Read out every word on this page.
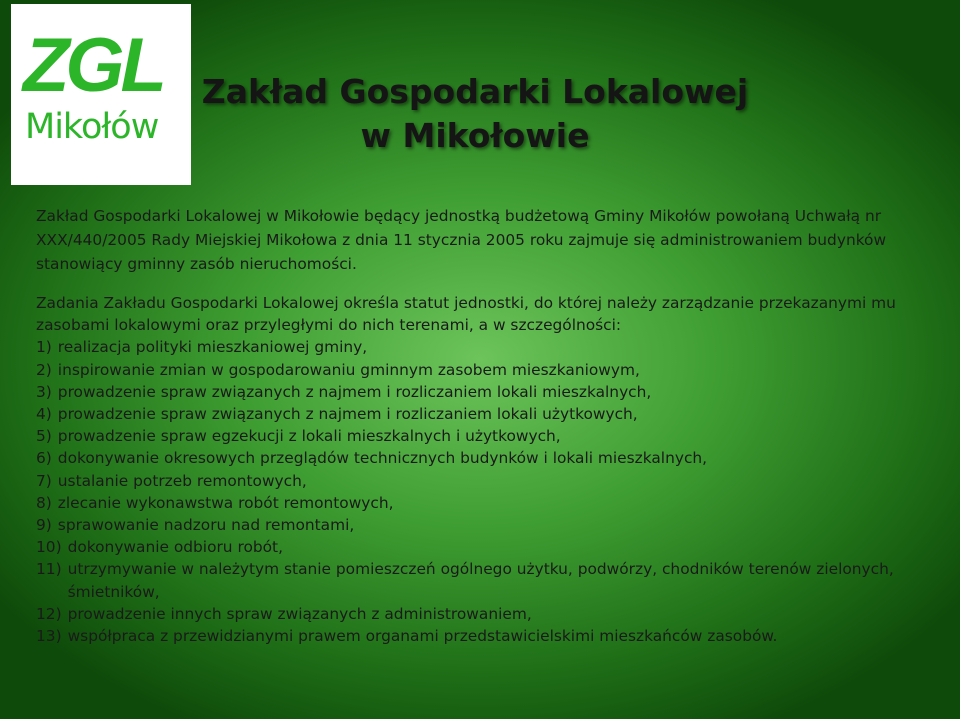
ZGL
Mikołów
Zakład Gospodarki Lokalowej
w Mikołowie

Zakład Gospodarki Lokalowej w Mikołowie będący jednostką budżetową Gminy Mikołów powołaną Uchwałą nr XXX/440/2005 Rady Miejskiej Mikołowa z dnia 11 stycznia 2005 roku zajmuje się administrowaniem budynków stanowiący gminny zasób nieruchomości.

Zadania Zakładu Gospodarki Lokalowej określa statut jednostki, do której należy zarządzanie przekazanymi mu zasobami lokalowymi oraz przyległymi do nich terenami, a w szczególności:

1) realizacja polityki mieszkaniowej gminy,
2) inspirowanie zmian w gospodarowaniu gminnym zasobem mieszkaniowym,
3) prowadzenie spraw związanych z najmem i rozliczaniem lokali mieszkalnych,
4) prowadzenie spraw związanych z najmem i rozliczaniem lokali użytkowych,
5) prowadzenie spraw egzekucji z lokali mieszkalnych i użytkowych,
6) dokonywanie okresowych przeglądów technicznych budynków i lokali mieszkalnych,
7) ustalanie potrzeb remontowych,
8) zlecanie wykonawstwa robót remontowych,
9) sprawowanie nadzoru nad remontami,
10) dokonywanie odbioru robót,
11) utrzymywanie w należytym stanie pomieszczeń ogólnego użytku, podwórzy, chodników terenów zielonych, śmietników,
12) prowadzenie innych spraw związanych z administrowaniem,
13) współpraca z przewidzianymi prawem organami przedstawicielskimi mieszkańców zasobów.
